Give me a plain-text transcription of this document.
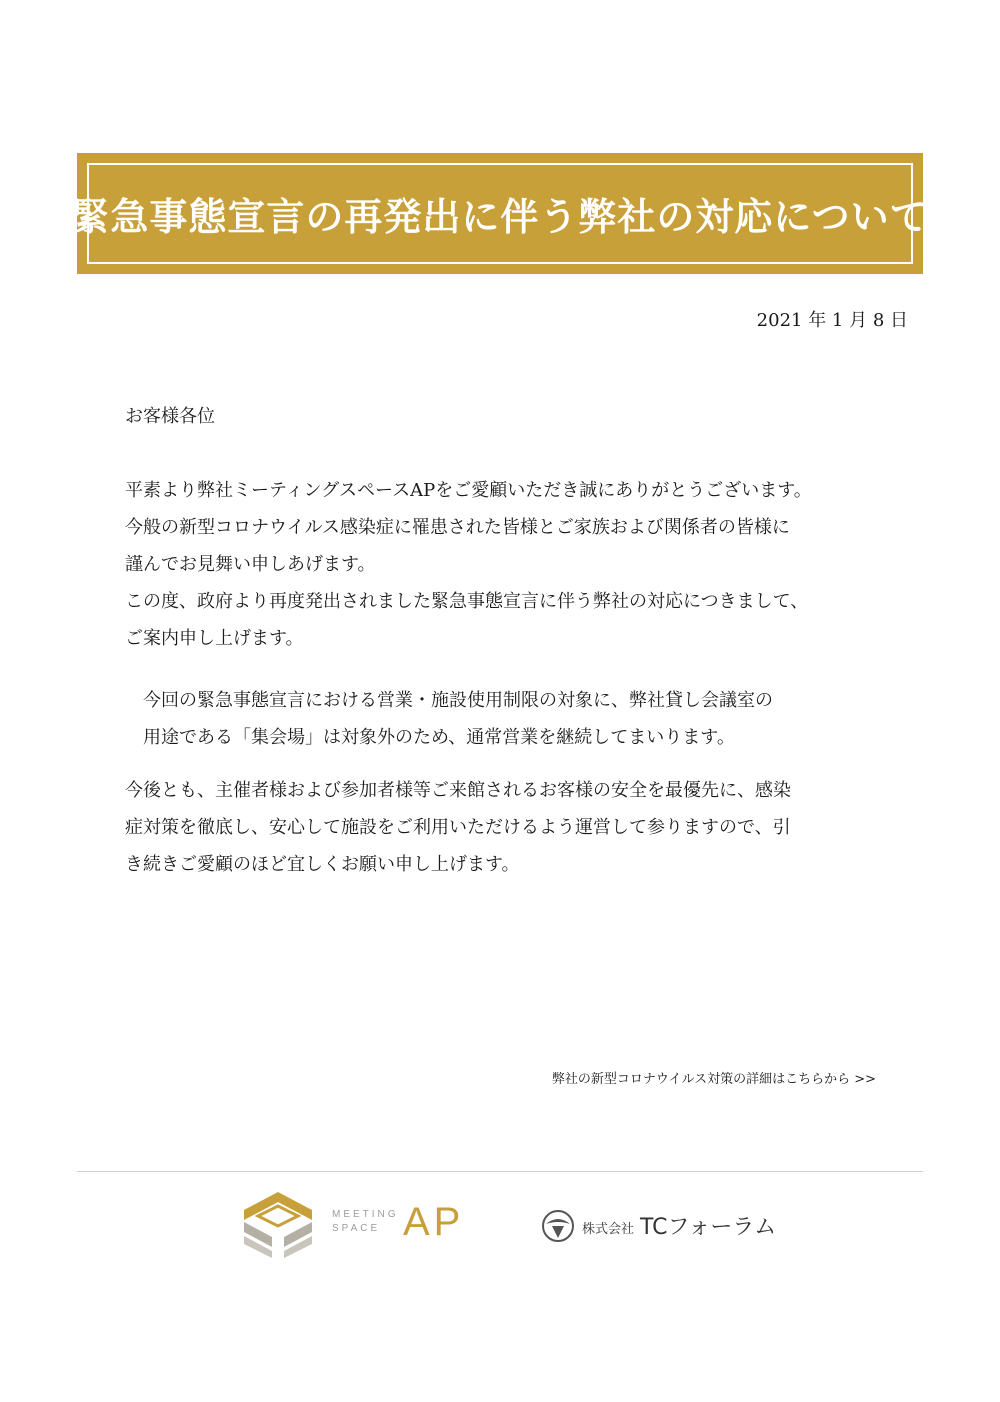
緊急事態宣言の再発出に伴う弊社の対応について
2021 年 1 月 8 日
お客様各位
平素より弊社ミーティングスペースAPをご愛顧いただき誠にありがとうございます。
今般の新型コロナウイルス感染症に罹患された皆様とご家族および関係者の皆様に
謹んでお見舞い申しあげます。
この度、政府より再度発出されました緊急事態宣言に伴う弊社の対応につきまして、
ご案内申し上げます。
今回の緊急事態宣言における営業・施設使用制限の対象に、弊社貸し会議室の
用途である「集会場」は対象外のため、通常営業を継続してまいります。
今後とも、主催者様および参加者様等ご来館されるお客様の安全を最優先に、感染
症対策を徹底し、安心して施設をご利用いただけるよう運営して参りますので、引
き続きご愛顧のほど宜しくお願い申し上げます。
弊社の新型コロナウイルス対策の詳細はこちらから >>
MEETING
SPACE AP	株式会社 TCフォーラム
